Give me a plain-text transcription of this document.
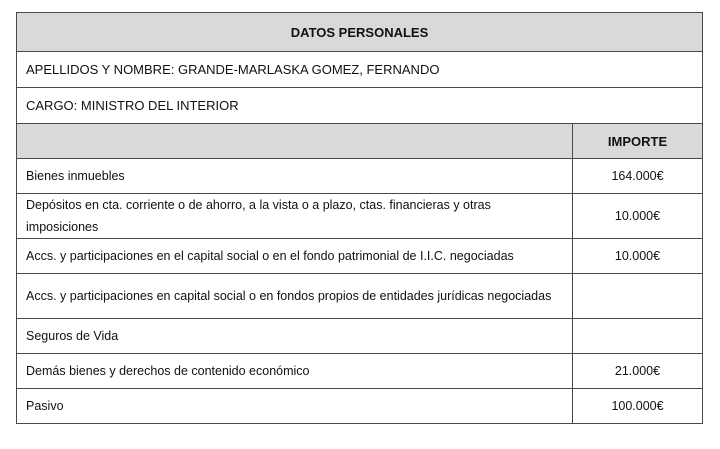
DATOS PERSONALES	
APELLIDOS Y NOMBRE: GRANDE-MARLASKA GOMEZ, FERNANDO	
CARGO: MINISTRO DEL INTERIOR	
	IMPORTE
Bienes inmuebles	164.000€
Depósitos en cta. corriente o de ahorro, a la vista o a plazo, ctas. financieras y otras imposiciones	10.000€
Accs. y participaciones en el capital social o en el fondo patrimonial de I.I.C. negociadas	10.000€
Accs. y participaciones en capital social o en fondos propios de entidades jurídicas negociadas	
Seguros de Vida	
Demás bienes y derechos de contenido económico	21.000€
Pasivo	100.000€
